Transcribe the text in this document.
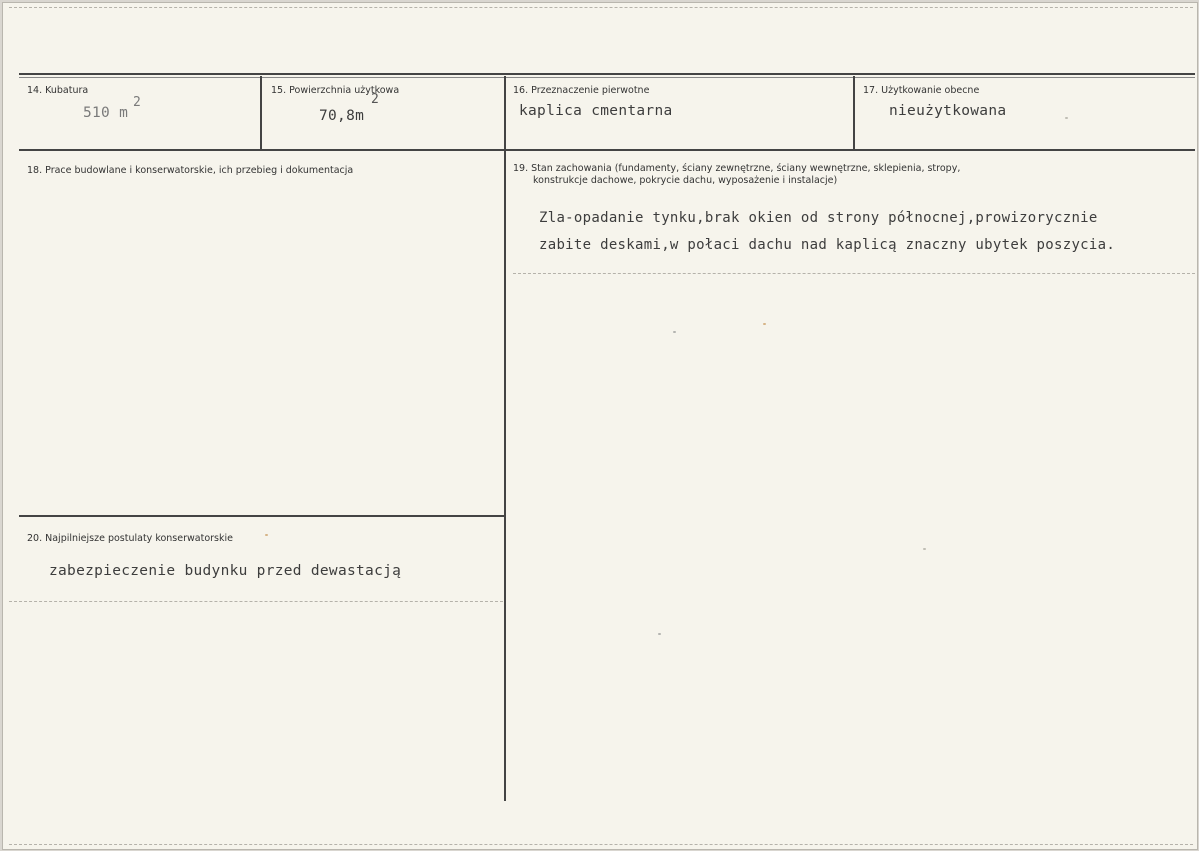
14. Kubatura
510 m
2
15. Powierzchnia użytkowa
70,8m
2
16. Przeznaczenie pierwotne
kaplica cmentarna
17. Użytkowanie obecne
nieużytkowana
18. Prace budowlane i konserwatorskie, ich przebieg i dokumentacja	19. Stan zachowania (fundamenty, ściany zewnętrzne, ściany wewnętrzne, sklepienia, stropy,
konstrukcje dachowe, pokrycie dachu, wyposażenie i instalacje)
Zla-opadanie tynku,brak okien od strony północnej,prowizorycznie
zabite deskami,w połaci dachu nad kaplicą znaczny ubytek poszycia.
20. Najpilniejsze postulaty konserwatorskie
zabezpieczenie budynku przed dewastacją
